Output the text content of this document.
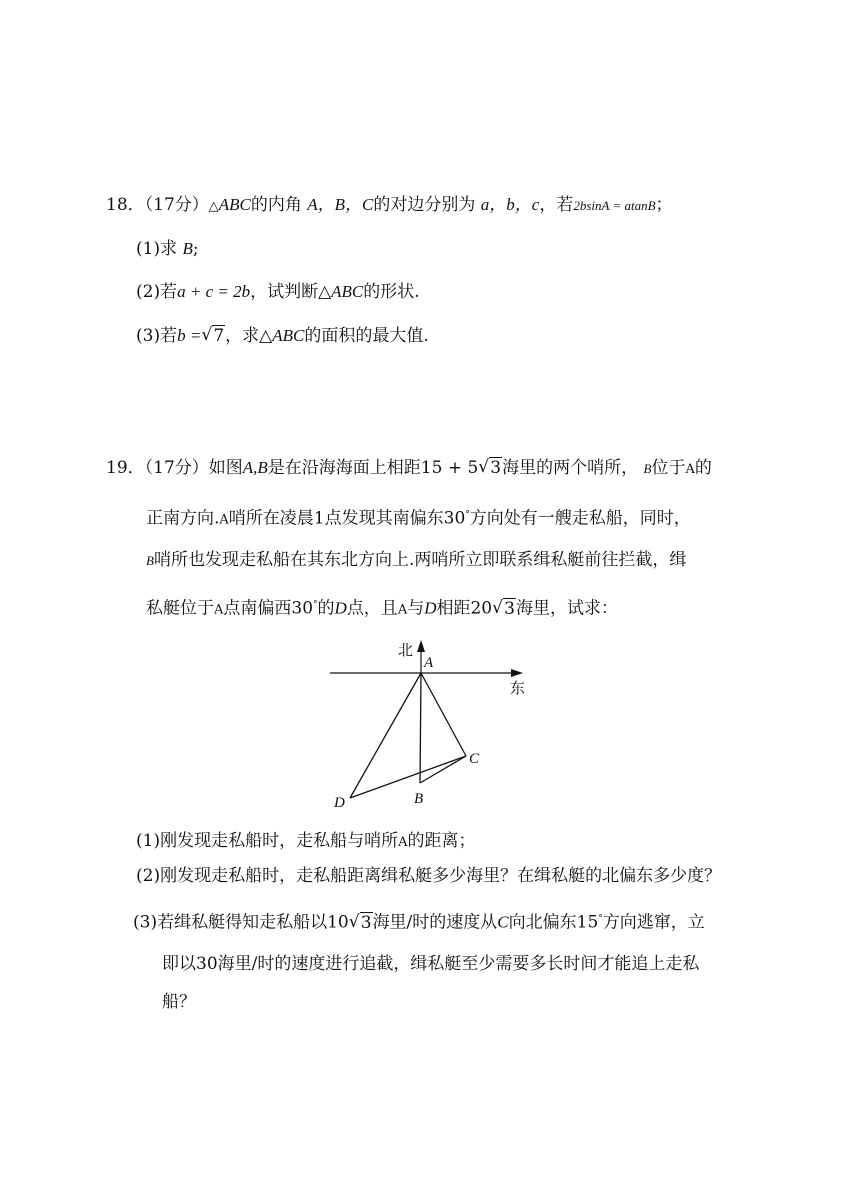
18．（17分）△ABC的内角 A，B，C的对边分别为 a，b，c，若2bsinA = atanB；
(1)求 B;
(2)若a + c = 2b，试判断△ABC的形状.
(3)若b = √ 7，求△ABC的面积的最大值.
19．（17分）如图A,B是在沿海海面上相距15 + 5 √ 3海里的两个哨所， B位于A的
正南方向.A哨所在凌晨1点发现其南偏东30°方向处有一艘走私船，同时，
B哨所也发现走私船在其东北方向上.两哨所立即联系缉私艇前往拦截，缉
私艇位于A点南偏西30°的D点，且A与D相距20 √ 3海里，试求：
北
东
A
B
C
D
(1)刚发现走私船时，走私船与哨所A的距离；
(2)刚发现走私船时，走私船距离缉私艇多少海里？在缉私艇的北偏东多少度？
(3)若缉私艇得知走私船以10 √ 3海里/时的速度从C向北偏东15°方向逃窜，立
即以30海里/时的速度进行追截，缉私艇至少需要多长时间才能追上走私
船？
